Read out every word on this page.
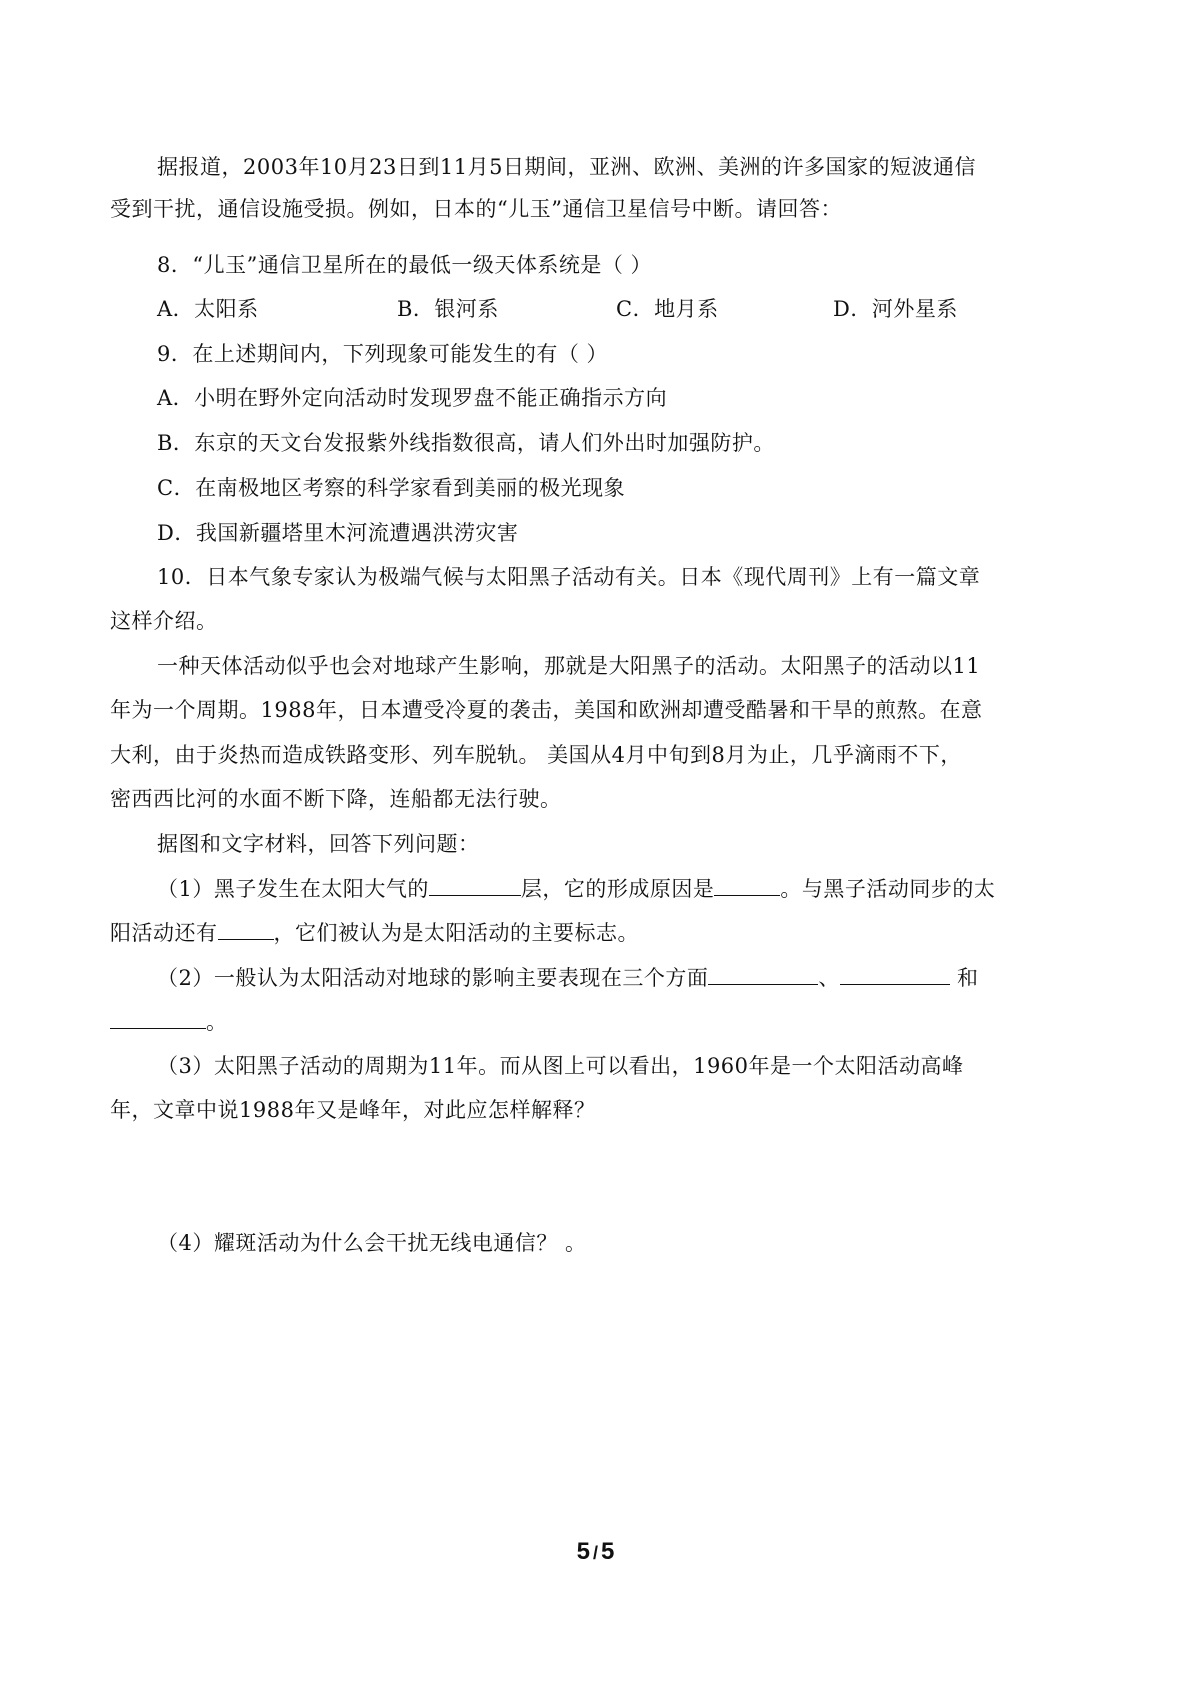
据报道，2003年10月23日到11月5日期间，亚洲、欧洲、美洲的许多国家的短波通信
受到干扰，通信设施受损。例如，日本的“儿玉”通信卫星信号中断。请回答：
8．“儿玉”通信卫星所在的最低一级天体系统是（ ）
A．太阳系	B．银河系	C．地月系	D．河外星系
9．在上述期间内，下列现象可能发生的有（ ）
A．小明在野外定向活动时发现罗盘不能正确指示方向
B．东京的天文台发报紫外线指数很高，请人们外出时加强防护。
C．在南极地区考察的科学家看到美丽的极光现象
D．我国新疆塔里木河流遭遇洪涝灾害
10．日本气象专家认为极端气候与太阳黑子活动有关。日本《现代周刊》上有一篇文章
这样介绍。
一种天体活动似乎也会对地球产生影响，那就是大阳黑子的活动。太阳黑子的活动以11
年为一个周期。1988年，日本遭受冷夏的袭击，美国和欧洲却遭受酷暑和干旱的煎熬。在意
大利，由于炎热而造成铁路变形、列车脱轨。 美国从4月中旬到8月为止，几乎滴雨不下，
密西西比河的水面不断下降，连船都无法行驶。
据图和文字材料，回答下列问题：
（1）黑子发生在太阳大气的	层，它的形成原因是	。与黑子活动同步的太
阳活动还有	，它们被认为是太阳活动的主要标志。
（2）一般认为太阳活动对地球的影响主要表现在三个方面	、	和
。
（3）太阳黑子活动的周期为11年。而从图上可以看出，1960年是一个太阳活动高峰
年，文章中说1988年又是峰年，对此应怎样解释？
（4）耀斑活动为什么会干扰无线电通信？ 。
5 / 5
